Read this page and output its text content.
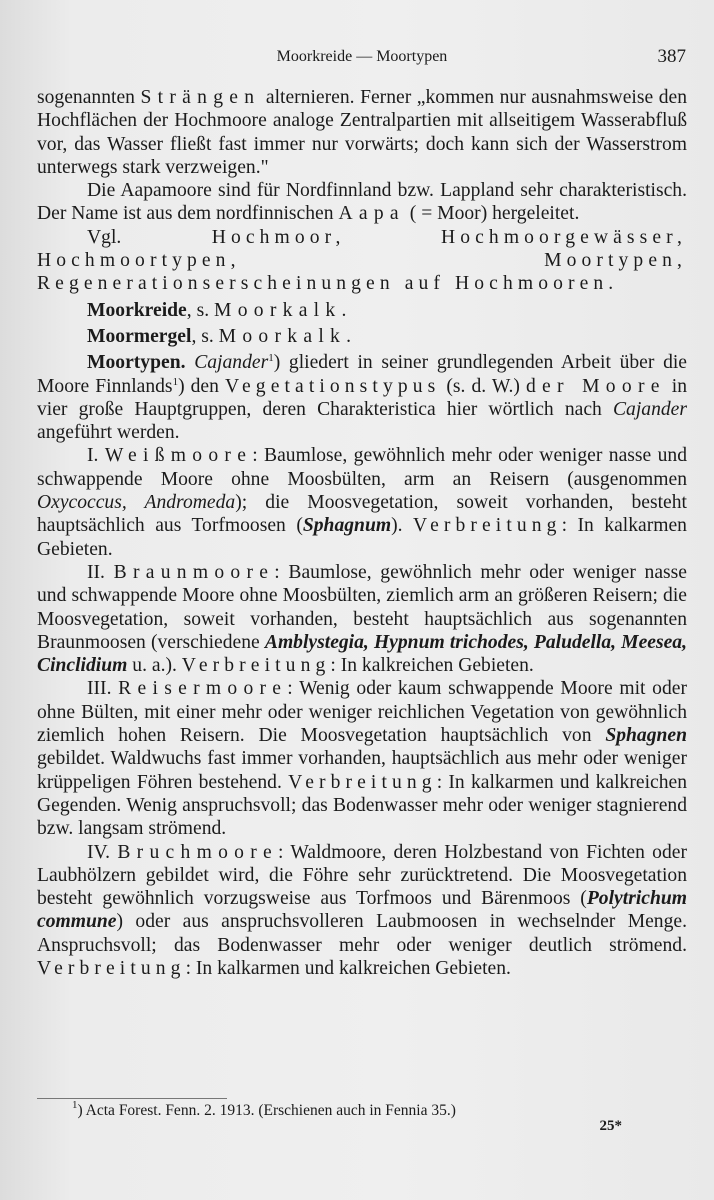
Moorkreide — Moortypen	387

sogenannten Strängen alternieren. Ferner „kommen nur ausnahmsweise den Hochflächen der Hochmoore analoge Zentralpartien mit allseitigem Wasserabfluß vor, das Wasser fließt fast immer nur vorwärts; doch kann sich der Wasserstrom unterwegs stark verzweigen."

Die Aapamoore sind für Nordfinnland bzw. Lappland sehr charakteristisch. Der Name ist aus dem nordfinnischen Aapa ( = Moor) hergeleitet.

Vgl. Hochmoor, Hochmoorgewässer, Hochmoortypen, Moortypen, Regenerationserscheinungen auf Hochmooren.

Moorkreide, s. Moorkalk.

Moormergel, s. Moorkalk.

Moortypen. Cajander$^1$) gliedert in seiner grundlegenden Arbeit über die Moore Finnlands$^1$) den Vegetationstypus (s. d. W.) der Moore in vier große Hauptgruppen, deren Charakteristica hier wörtlich nach Cajander angeführt werden.

I. Weißmoore: Baumlose, gewöhnlich mehr oder weniger nasse und schwappende Moore ohne Moosbülten, arm an Reisern (ausgenommen Oxycoccus, Andromeda); die Moosvegetation, soweit vorhanden, besteht hauptsächlich aus Torfmoosen (Sphagnum). Verbreitung: In kalkarmen Gebieten.

II. Braunmoore: Baumlose, gewöhnlich mehr oder weniger nasse und schwappende Moore ohne Moosbülten, ziemlich arm an größeren Reisern; die Moosvegetation, soweit vorhanden, besteht hauptsächlich aus sogenannten Braunmoosen (verschiedene Amblystegia, Hypnum trichodes, Paludella, Meesea, Cinclidium u. a.). Verbreitung: In kalkreichen Gebieten.

III. Reisermoore: Wenig oder kaum schwappende Moore mit oder ohne Bülten, mit einer mehr oder weniger reichlichen Vegetation von gewöhnlich ziemlich hohen Reisern. Die Moosvegetation hauptsächlich von Sphagnen gebildet. Waldwuchs fast immer vorhanden, hauptsächlich aus mehr oder weniger krüppeligen Föhren bestehend. Verbreitung: In kalkarmen und kalkreichen Gegenden. Wenig anspruchsvoll; das Bodenwasser mehr oder weniger stagnierend bzw. langsam strömend.

IV. Bruchmoore: Waldmoore, deren Holzbestand von Fichten oder Laubhölzern gebildet wird, die Föhre sehr zurücktretend. Die Moosvegetation besteht gewöhnlich vorzugsweise aus Torfmoos und Bärenmoos (Polytrichum commune) oder aus anspruchsvolleren Laubmoosen in wechselnder Menge. Anspruchsvoll; das Bodenwasser mehr oder weniger deutlich strömend. Verbreitung: In kalkarmen und kalkreichen Gebieten.

$^1$) Acta Forest. Fenn. 2. 1913. (Erschienen auch in Fennia 35.)
25*
